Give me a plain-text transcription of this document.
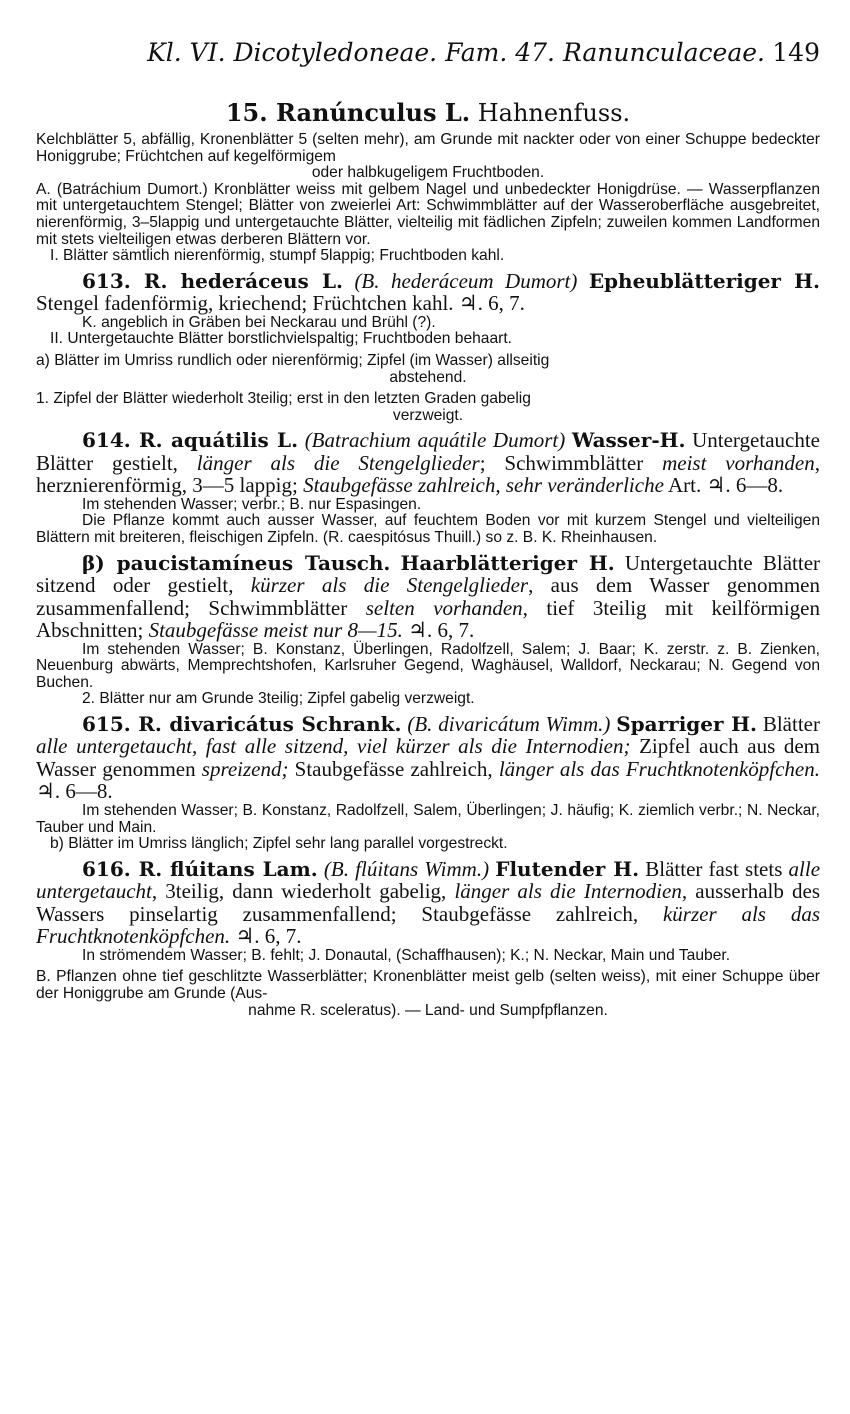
Kl. VI. Dicotyledoneae. Fam. 47. Ranunculaceae. 149
15. Ranúnculus L. Hahnenfuss.

Kelchblätter 5, abfällig, Kronenblätter 5 (selten mehr), am Grunde mit nackter oder von einer Schuppe bedeckter Honiggrube; Früchtchen auf kegelförmigem

oder halbkugeligem Fruchtboden.

A. (Batráchium Dumort.) Kronblätter weiss mit gelbem Nagel und unbedeckter Honigdrüse. — Wasserpflanzen mit untergetauchtem Stengel; Blätter von zweierlei Art: Schwimmblätter auf der Wasseroberfläche ausgebreitet, nierenförmig, 3–5lappig und untergetauchte Blätter, vielteilig mit fädlichen Zipfeln; zuweilen kommen Landformen mit stets vielteiligen etwas derberen Blättern vor.

I. Blätter sämtlich nierenförmig, stumpf 5lappig; Fruchtboden kahl.

613. R. hederáceus L. (B. hederáceum Dumort) Epheublätteriger H. Stengel fadenförmig, kriechend; Früchtchen kahl. ♃. 6, 7.

K. angeblich in Gräben bei Neckarau und Brühl (?).

II. Untergetauchte Blätter borstlichvielspaltig; Fruchtboden behaart.

a) Blätter im Umriss rundlich oder nierenförmig; Zipfel (im Wasser) allseitig

abstehend.

1. Zipfel der Blätter wiederholt 3teilig; erst in den letzten Graden gabelig

verzweigt.
614. R. aquátilis L. (Batrachium aquátile Dumort) Wasser-H. Untergetauchte Blätter gestielt, länger als die Stengelglieder; Schwimmblätter meist vorhanden, herznierenförmig, 3—5 lappig; Staubgefässe zahlreich, sehr veränderliche Art. ♃. 6—8.

Im stehenden Wasser; verbr.; B. nur Espasingen.

Die Pflanze kommt auch ausser Wasser, auf feuchtem Boden vor mit kurzem Stengel und vielteiligen Blättern mit breiteren, fleischigen Zipfeln. (R. caespitósus Thuill.) so z. B. K. Rheinhausen.

β) paucistamíneus Tausch. Haarblätteriger H. Untergetauchte Blätter sitzend oder gestielt, kürzer als die Stengelglieder, aus dem Wasser genommen zusammenfallend; Schwimmblätter selten vorhanden, tief 3teilig mit keilförmigen Abschnitten; Staubgefässe meist nur 8—15. ♃. 6, 7.

Im stehenden Wasser; B. Konstanz, Überlingen, Radolfzell, Salem; J. Baar; K. zerstr. z. B. Zienken, Neuenburg abwärts, Memprechtshofen, Karlsruher Gegend, Waghäusel, Walldorf, Neckarau; N. Gegend von Buchen.

2. Blätter nur am Grunde 3teilig; Zipfel gabelig verzweigt.

615. R. divaricátus Schrank. (B. divaricátum Wimm.) Sparriger H. Blätter alle untergetaucht, fast alle sitzend, viel kürzer als die Internodien; Zipfel auch aus dem Wasser genommen spreizend; Staubgefässe zahlreich, länger als das Fruchtknotenköpfchen. ♃. 6—8.

Im stehenden Wasser; B. Konstanz, Radolfzell, Salem, Überlingen; J. häufig; K. ziemlich verbr.; N. Neckar, Tauber und Main.

b) Blätter im Umriss länglich; Zipfel sehr lang parallel vorgestreckt.

616. R. flúitans Lam. (B. flúitans Wimm.) Flutender H. Blätter fast stets alle untergetaucht, 3teilig, dann wiederholt gabelig, länger als die Internodien, ausserhalb des Wassers pinselartig zusammenfallend; Staubgefässe zahlreich, kürzer als das Fruchtknotenköpfchen. ♃. 6, 7.

In strömendem Wasser; B. fehlt; J. Donautal, (Schaffhausen); K.; N. Neckar, Main und Tauber.

B. Pflanzen ohne tief geschlitzte Wasserblätter; Kronenblätter meist gelb (selten weiss), mit einer Schuppe über der Honiggrube am Grunde (Aus-

nahme R. sceleratus). — Land- und Sumpfpflanzen.
